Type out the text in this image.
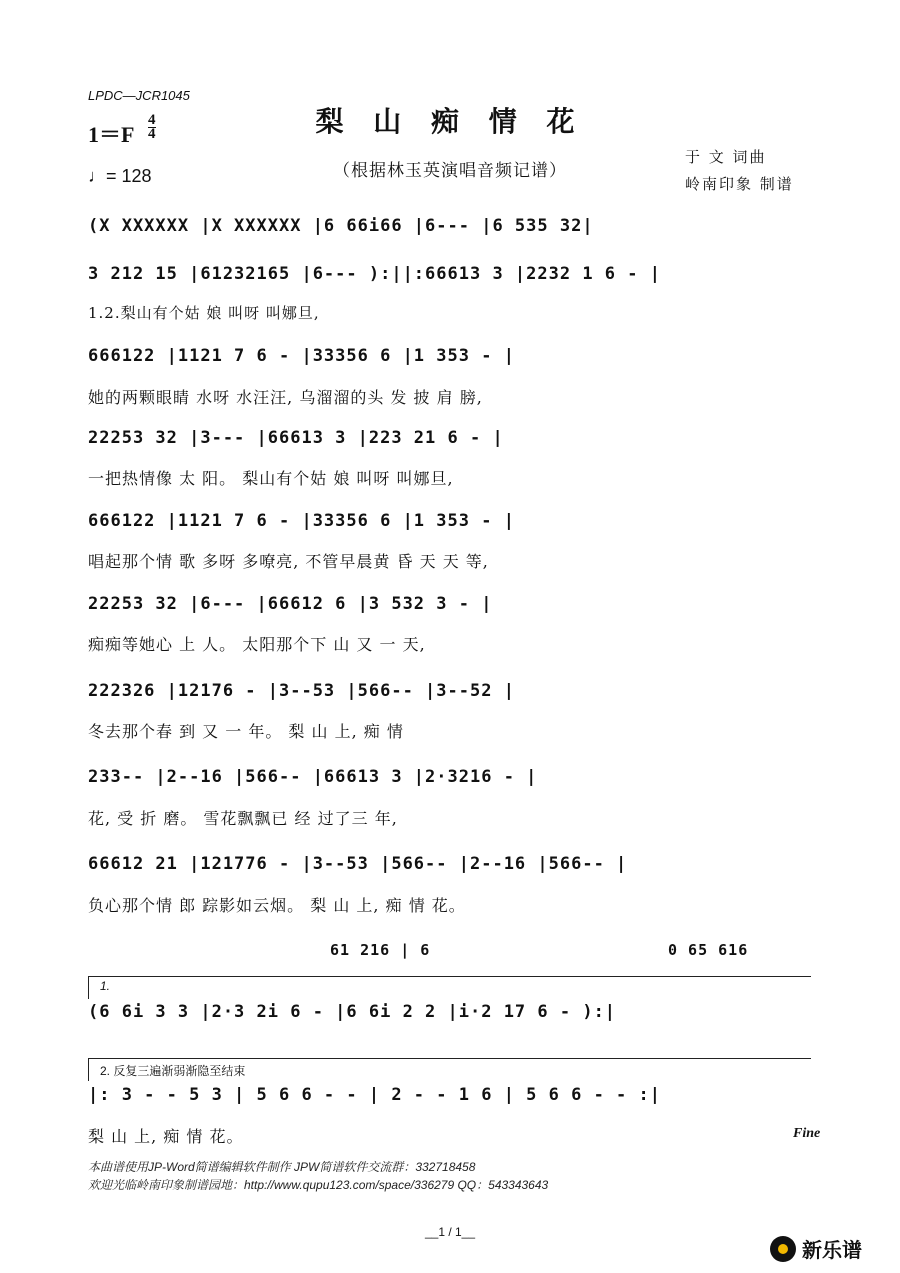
LPDC—JCR1045
梨 山 痴 情 花
（根据林玉英演唱音频记谱）
$1=F \frac{4}{4}$
♩= 128
于 文 词曲
岭南印象 制谱
(X XXXXXX |X XXXXXX |6 66i66 |6--- |6 535 32|
3 212 15 |61232165 |6--- ):||:66613 3 |2232 1 6 - |
1.2.梨山有个姑 娘 叫呀 叫娜旦,
666122 |1121 7 6 - |33356 6 |1 353 - |
她的两颗眼睛 水呀 水汪汪, 乌溜溜的头 发 披 肩 膀,
22253 32 |3--- |66613 3 |223 21 6 - |
一把热情像 太 阳。 梨山有个姑 娘 叫呀 叫娜旦,
666122 |1121 7 6 - |33356 6 |1 353 - |
唱起那个情 歌 多呀 多嘹亮, 不管早晨黄 昏 天 天 等,
22253 32 |6--- |66612 6 |3 532 3 - |
痴痴等她心 上 人。 太阳那个下 山 又 一 天,
222326 |12176 - |3--53 |566-- |3--52 |
冬去那个春 到 又 一 年。 梨 山 上, 痴 情
233-- |2--16 |566-- |66613 3 |2·3216 - |
花, 受 折 磨。 雪花飘飘已 经 过了三 年,
66612 21 |121776 - |3--53 |566-- |2--16 |566-- |
负心那个情 郎 踪影如云烟。 梨 山 上, 痴 情 花。
61 216 | 6	0 65 616
1.
(6 6i 3 3 |2·3 2i 6 - |6 6i 2 2 |i·2 17 6 - ):|
2. 反复三遍渐弱渐隐至结束
|: 3 - - 5 3 | 5 6 6 - - | 2 - - 1 6 | 5 6 6 - - :|
梨 山 上, 痴 情 花。	Fine
本曲谱使用JP-Word简谱编辑软件制作 JPW简谱软件交流群：332718458
欢迎光临岭南印象制谱园地：http://www.qupu123.com/space/336279 QQ：543343643
__1 / 1__
新乐谱
